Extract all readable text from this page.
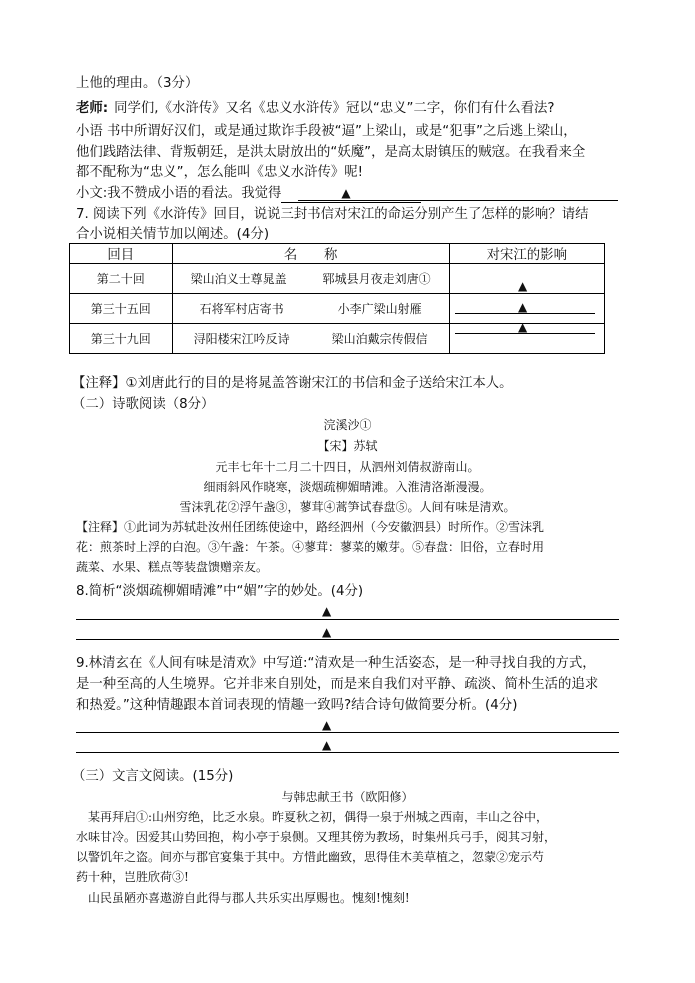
上他的理由。（3分）
老师: 同学们,《水浒传》又名《忠义水浒传》冠以“忠义”二字，你们有什么看法?
小语 书中所谓好汉们，或是通过欺诈手段被“逼”上梁山，或是“犯事”之后逃上梁山，
他们践踏法律、背叛朝廷，是洪太尉放出的“妖魔”，是高太尉镇压的贼寇。在我看来全
都不配称为“忠义”，怎么能叫《忠义水浒传》呢!
小文:我不赞成小语的看法。我觉得	▲
7. 阅读下列《水浒传》回目，说说三封书信对宋江的命运分别产生了怎样的影响？请结
合小说相关情节加以阐述。(4分)
回目	名　　称	对宋江的影响
第二十回	梁山泊义士尊晁盖 郓城县月夜走刘唐①	

第三十五回	石将军村店寄书 小李广梁山射雁	

第三十九回	浔阳楼宋江吟反诗 梁山泊戴宗传假信	

▲
▲
▲
【注释】①刘唐此行的目的是将晁盖答谢宋江的书信和金子送给宋江本人。
（二）诗歌阅读（8分）
浣溪沙①
【宋】苏轼
元丰七年十二月二十四日，从泗州刘倩叔游南山。
细雨斜风作晓寒，淡烟疏柳媚晴滩。入淮清洛渐漫漫。
雪沫乳花②浮午盏③，蓼茸④蒿笋试春盘⑤。人间有味是清欢。
【注释】①此词为苏轼赴汝州任团练使途中，路经泗州（今安徽泗县）时所作。②雪沫乳
花：煎茶时上浮的白泡。③午盏：午茶。④蓼茸：蓼菜的嫩芽。⑤春盘：旧俗，立春时用
蔬菜、水果、糕点等装盘馈赠亲友。
8.简析“淡烟疏柳媚晴滩”中“媚”字的妙处。(4分)
▲
▲
9.林清玄在《人间有味是清欢》中写道:“清欢是一种生活姿态，是一种寻找自我的方式，
是一种至高的人生境界。它并非来自别处，而是来自我们对平静、疏淡、简朴生活的追求
和热爱。”这种情趣跟本首词表现的情趣一致吗?结合诗句做简要分析。(4分)
▲
▲
（三）文言文阅读。(15分)
与韩忠献王书（欧阳修）
某再拜启①:山州穷绝，比乏水泉。昨夏秋之初，偶得一泉于州城之西南，丰山之谷中，
水味甘冷。因爱其山势回抱，构小亭于泉侧。又理其傍为教场，时集州兵弓手，阅其习射，
以警饥年之盗。间亦与郡官宴集于其中。方惜此幽致，思得佳木美草植之，忽蒙②宠示芍
药十种，岂胜欣荷③!
山民虽陋亦喜遨游自此得与郡人共乐实出厚赐也。愧刻!愧刻!
